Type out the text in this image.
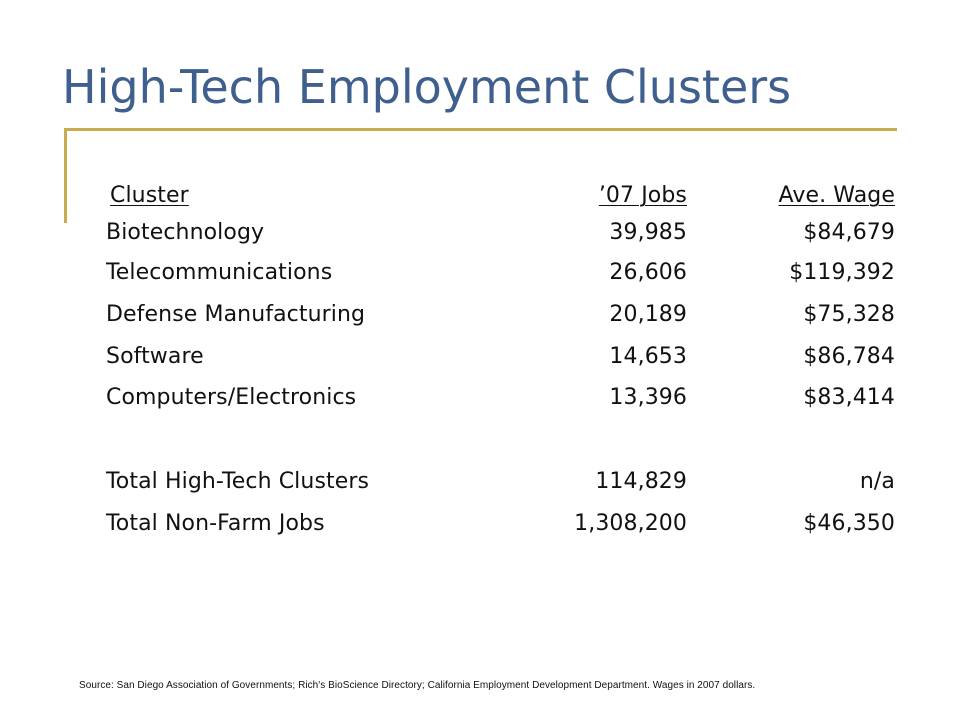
High-Tech Employment Clusters
Cluster	’07 Jobs	Ave. Wage
Biotechnology	39,985	$84,679
Telecommunications	26,606	$119,392
Defense Manufacturing	20,189	$75,328
Software	14,653	$86,784
Computers/Electronics	13,396	$83,414
Total High-Tech Clusters	114,829	n/a
Total Non-Farm Jobs	1,308,200	$46,350
Source: San Diego Association of Governments; Rich's BioScience Directory; California Employment Development Department. Wages in 2007 dollars.
